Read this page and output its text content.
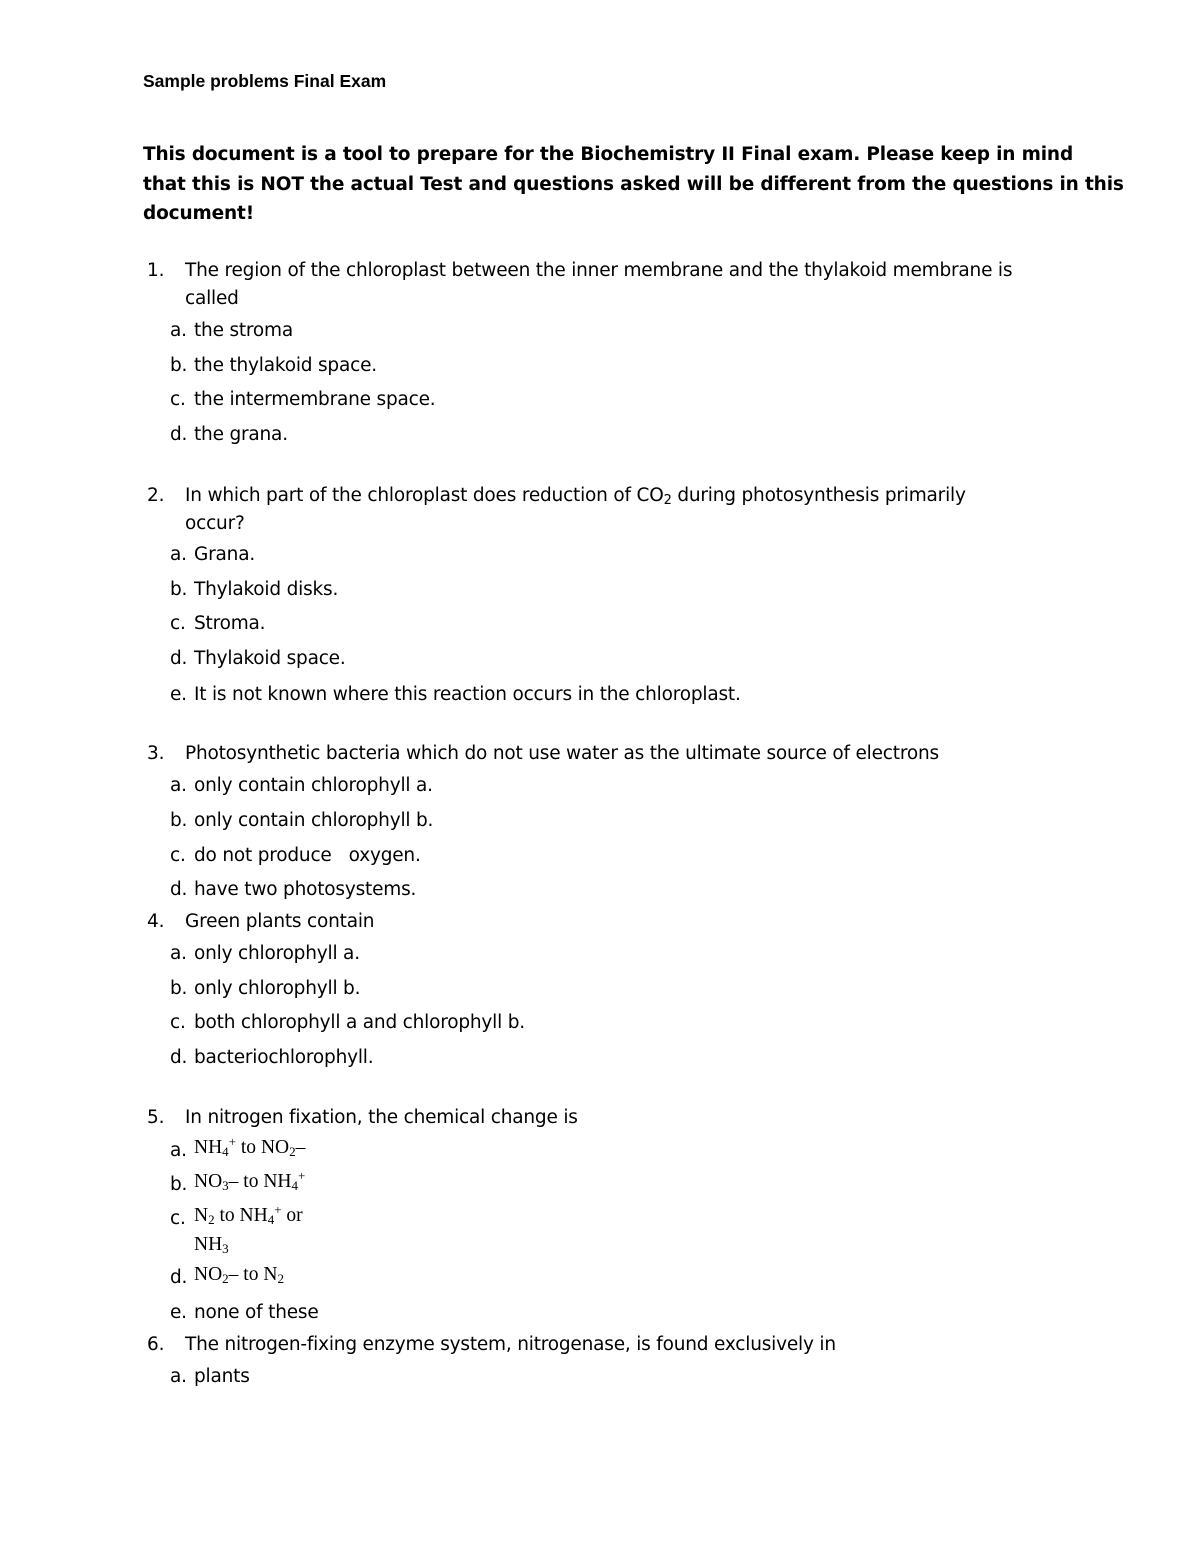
Sample problems Final Exam
This document is a tool to prepare for the Biochemistry II Final exam. Please keep in mind
that this is NOT the actual Test and questions asked will be different from the questions in this
document!
1. The region of the chloroplast between the inner membrane and the thylakoid membrane is
called
a. the stroma
b. the thylakoid space.
c. the intermembrane space.
d. the grana.
2. In which part of the chloroplast does reduction of $CO_2$ during photosynthesis primarily
occur?
a. Grana.
b. Thylakoid disks.
c. Stroma.
d. Thylakoid space.
e. It is not known where this reaction occurs in the chloroplast.
3. Photosynthetic bacteria which do not use water as the ultimate source of electrons
a. only contain chlorophyll a.
b. only contain chlorophyll b.
c. do not produce   oxygen.
d. have two photosystems.
4. Green plants contain
a. only chlorophyll a.
b. only chlorophyll b.
c. both chlorophyll a and chlorophyll b.
d. bacteriochlorophyll.
5. In nitrogen fixation, the chemical change is
a. $NH_4^+$ to $NO_2-$
b. $NO_3-$ to $NH_4^+$
c. $N_2$ to $NH_4^+$ or
$NH_3$
d. $NO_2-$ to $N_2$
e. none of these
6. The nitrogen-fixing enzyme system, nitrogenase, is found exclusively in
a. plants
